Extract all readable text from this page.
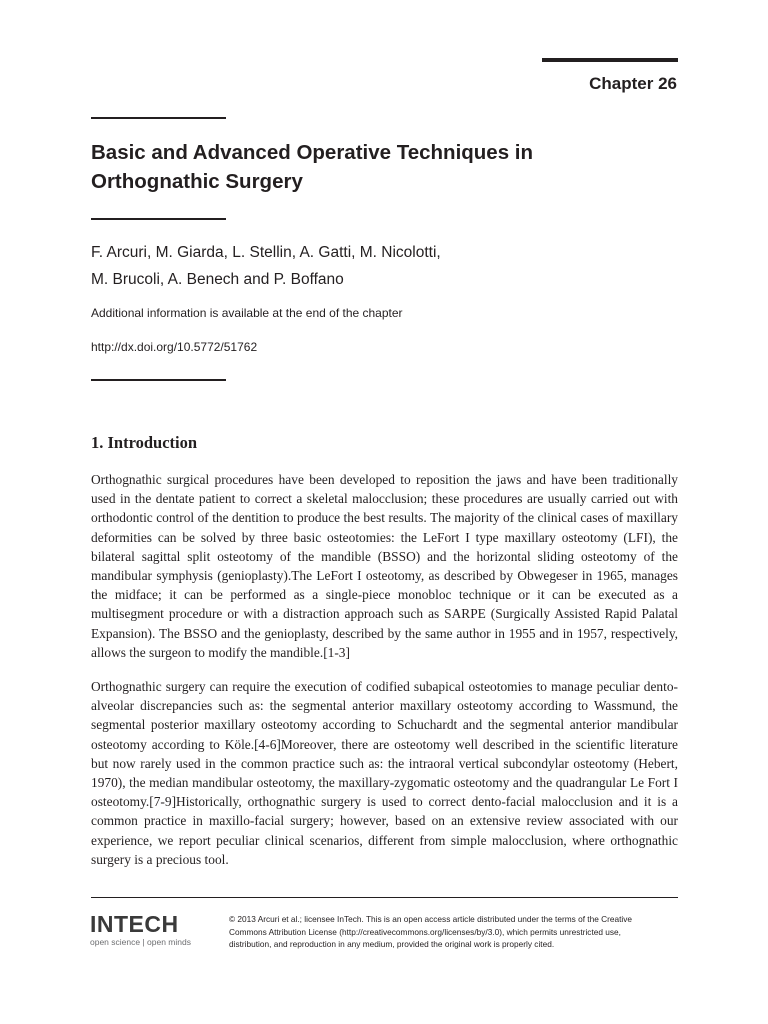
Chapter 26
Basic and Advanced Operative Techniques in
Orthognathic Surgery
F. Arcuri, M. Giarda, L. Stellin, A. Gatti, M. Nicolotti,
M. Brucoli, A. Benech and P. Boffano
Additional information is available at the end of the chapter
http://dx.doi.org/10.5772/51762
1. Introduction
Orthognathic surgical procedures have been developed to reposition the jaws and have been traditionally used in the dentate patient to correct a skeletal malocclusion; these procedures are usually carried out with orthodontic control of the dentition to produce the best results. The majority of the clinical cases of maxillary deformities can be solved by three basic osteotomies: the LeFort I type maxillary osteotomy (LFI), the bilateral sagittal split osteotomy of the mandible (BSSO) and the horizontal sliding osteotomy of the mandibular symphysis (genioplasty).The LeFort I osteotomy, as described by Obwegeser in 1965, manages the midface; it can be performed as a single-piece monobloc technique or it can be executed as a multisegment procedure or with a distraction approach such as SARPE (Surgically Assisted Rapid Palatal Expansion). The BSSO and the genioplasty, described by the same author in 1955 and in 1957, respectively, allows the surgeon to modify the mandible.[1-3]
Orthognathic surgery can require the execution of codified subapical osteotomies to manage peculiar dento-alveolar discrepancies such as: the segmental anterior maxillary osteotomy according to Wassmund, the segmental posterior maxillary osteotomy according to Schuchardt and the segmental anterior mandibular osteotomy according to Köle.[4-6]Moreover, there are osteotomy well described in the scientific literature but now rarely used in the common practice such as: the intraoral vertical subcondylar osteotomy (Hebert, 1970), the median mandibular osteotomy, the maxillary-zygomatic osteotomy and the quadrangular Le Fort I osteotomy.[7-9]Historically, orthognathic surgery is used to correct dento-facial malocclusion and it is a common practice in maxillo-facial surgery; however, based on an extensive review associated with our experience, we report peculiar clinical scenarios, different from simple malocclusion, where orthognathic surgery is a precious tool.
INTECH
open science | open minds
© 2013 Arcuri et al.; licensee InTech. This is an open access article distributed under the terms of the Creative
Commons Attribution License (http://creativecommons.org/licenses/by/3.0), which permits unrestricted use,
distribution, and reproduction in any medium, provided the original work is properly cited.
